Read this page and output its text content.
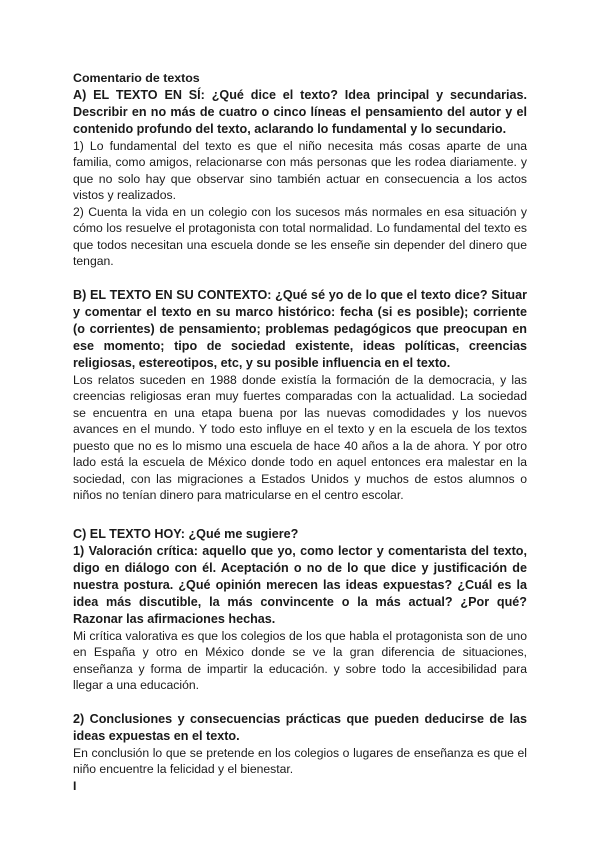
Comentario de textos

A) EL TEXTO EN SÍ: ¿Qué dice el texto? Idea principal y secundarias. Describir en no más de cuatro o cinco líneas el pensamiento del autor y el contenido profundo del texto, aclarando lo fundamental y lo secundario.

1) Lo fundamental del texto es que el niño necesita más cosas aparte de una familia, como amigos, relacionarse con más personas que les rodea diariamente. y que no solo hay que observar sino también actuar en consecuencia a los actos vistos y realizados.

2) Cuenta la vida en un colegio con los sucesos más normales en esa situación y cómo los resuelve el protagonista con total normalidad. Lo fundamental del texto es que todos necesitan una escuela donde se les enseñe sin depender del dinero que tengan.

B) EL TEXTO EN SU CONTEXTO: ¿Qué sé yo de lo que el texto dice? Situar y comentar el texto en su marco histórico: fecha (si es posible); corriente (o corrientes) de pensamiento; problemas pedagógicos que preocupan en ese momento; tipo de sociedad existente, ideas políticas, creencias religiosas, estereotipos, etc, y su posible influencia en el texto.

Los relatos suceden en 1988 donde existía la formación de la democracia, y las creencias religiosas eran muy fuertes comparadas con la actualidad. La sociedad se encuentra en una etapa buena por las nuevas comodidades y los nuevos avances en el mundo. Y todo esto influye en el texto y en la escuela de los textos puesto que no es lo mismo una escuela de hace 40 años a la de ahora. Y por otro lado está la escuela de México donde todo en aquel entonces era malestar en la sociedad, con las migraciones a Estados Unidos y muchos de estos alumnos o niños no tenían dinero para matricularse en el centro escolar.

C) EL TEXTO HOY: ¿Qué me sugiere?

1) Valoración crítica: aquello que yo, como lector y comentarista del texto, digo en diálogo con él. Aceptación o no de lo que dice y justificación de nuestra postura. ¿Qué opinión merecen las ideas expuestas? ¿Cuál es la idea más discutible, la más convincente o la más actual? ¿Por qué? Razonar las afirmaciones hechas.

Mi crítica valorativa es que los colegios de los que habla el protagonista son de uno en España y otro en México donde se ve la gran diferencia de situaciones, enseñanza y forma de impartir la educación. y sobre todo la accesibilidad para llegar a una educación.

2) Conclusiones y consecuencias prácticas que pueden deducirse de las ideas expuestas en el texto.

En conclusión lo que se pretende en los colegios o lugares de enseñanza es que el niño encuentre la felicidad y el bienestar.

I
